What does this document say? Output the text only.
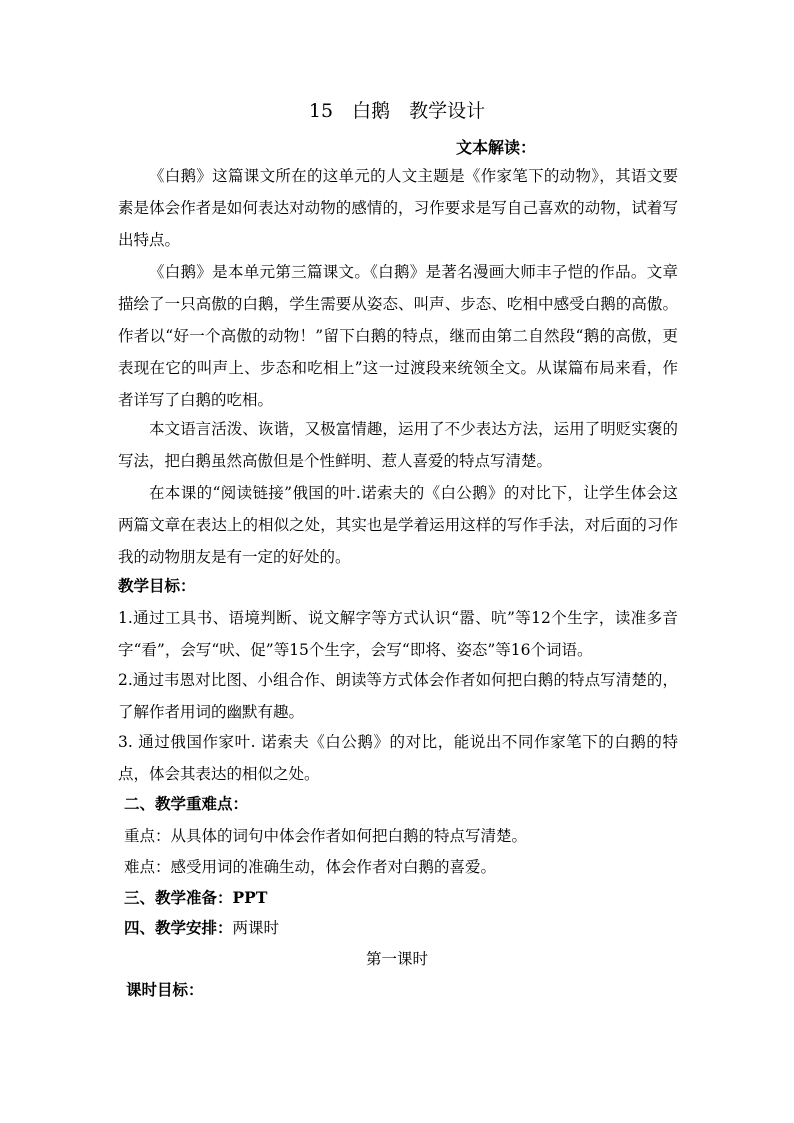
15　白鹅　教学设计
文本解读：

《白鹅》这篇课文所在的这单元的人文主题是《作家笔下的动物》，其语文要素是体会作者是如何表达对动物的感情的，习作要求是写自己喜欢的动物，试着写出特点。

《白鹅》是本单元第三篇课文。《白鹅》是著名漫画大师丰子恺的作品。文章描绘了一只高傲的白鹅，学生需要从姿态、叫声、步态、吃相中感受白鹅的高傲。作者以“好一个高傲的动物！”留下白鹅的特点，继而由第二自然段“鹅的高傲，更表现在它的叫声上、步态和吃相上”这一过渡段来统领全文。从谋篇布局来看，作者详写了白鹅的吃相。

本文语言活泼、诙谐，又极富情趣，运用了不少表达方法，运用了明贬实褒的写法，把白鹅虽然高傲但是个性鲜明、惹人喜爱的特点写清楚。

在本课的“阅读链接”俄国的叶.诺索夫的《白公鹅》的对比下，让学生体会这两篇文章在表达上的相似之处，其实也是学着运用这样的写作手法，对后面的习作我的动物朋友是有一定的好处的。

教学目标：

1.通过工具书、语境判断、说文解字等方式认识“嚣、吭”等12个生字，读准多音字“看”，会写“吠、促”等15个生字，会写“即将、姿态”等16个词语。

2.通过韦恩对比图、小组合作、朗读等方式体会作者如何把白鹅的特点写清楚的，了解作者用词的幽默有趣。

3. 通过俄国作家叶. 诺索夫《白公鹅》的对比，能说出不同作家笔下的白鹅的特点，体会其表达的相似之处。

二、教学重难点：
重点：从具体的词句中体会作者如何把白鹅的特点写清楚。
难点：感受用词的准确生动，体会作者对白鹅的喜爱。
三、教学准备：PPT
四、教学安排：两课时
第一课时
课时目标：
